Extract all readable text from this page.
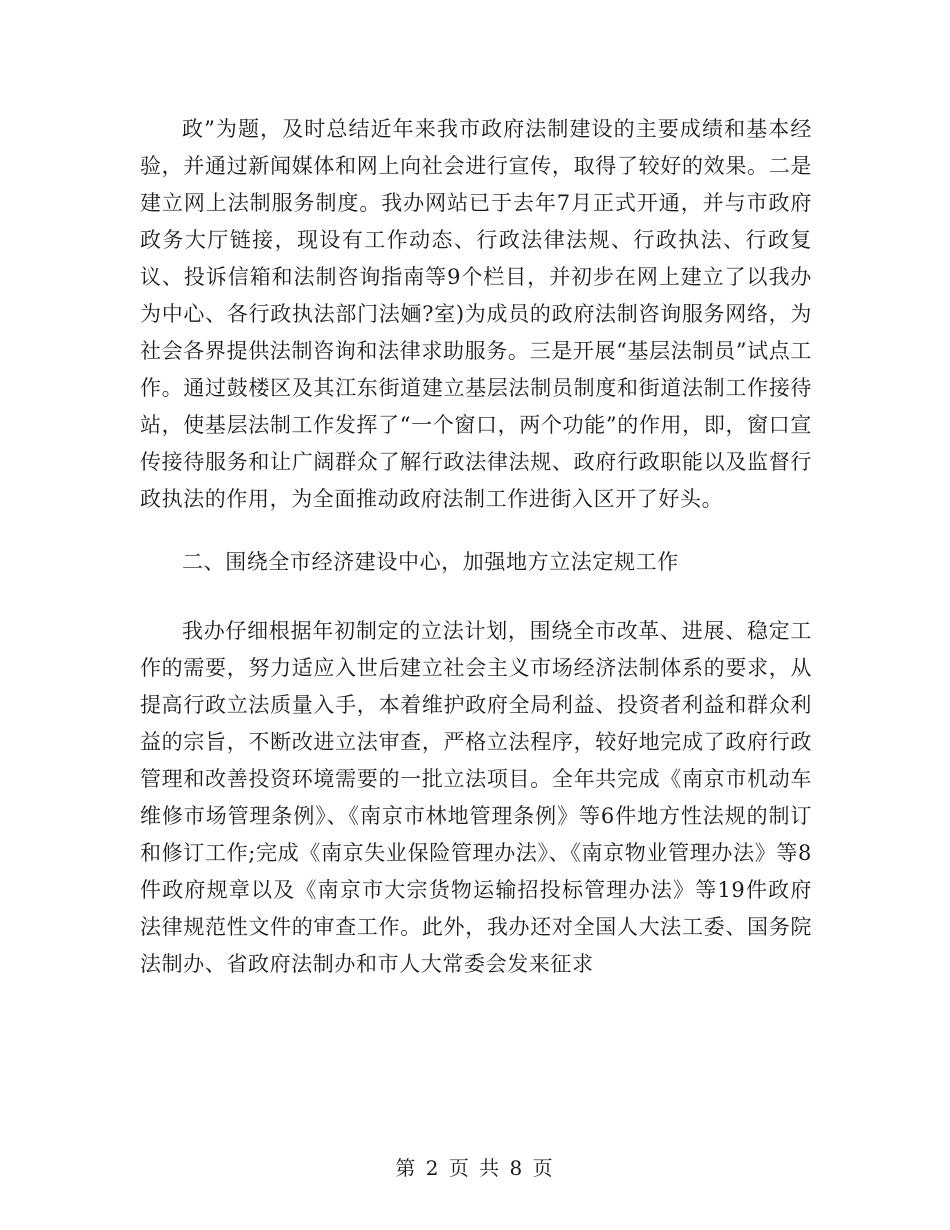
政”为题，及时总结近年来我市政府法制建设的主要成绩和基本经验，并通过新闻媒体和网上向社会进行宣传，取得了较好的效果。二是建立网上法制服务制度。我办网站已于去年7月正式开通，并与市政府政务大厅链接，现设有工作动态、行政法律法规、行政执法、行政复议、投诉信箱和法制咨询指南等9个栏目，并初步在网上建立了以我办为中心、各行政执法部门法婳?室)为成员的政府法制咨询服务网络，为社会各界提供法制咨询和法律求助服务。三是开展“基层法制员”试点工作。通过鼓楼区及其江东街道建立基层法制员制度和街道法制工作接待站，使基层法制工作发挥了“一个窗口，两个功能”的作用，即，窗口宣传接待服务和让广阔群众了解行政法律法规、政府行政职能以及监督行政执法的作用，为全面推动政府法制工作进街入区开了好头。

二、围绕全市经济建设中心，加强地方立法定规工作

我办仔细根据年初制定的立法计划，围绕全市改革、进展、稳定工作的需要，努力适应入世后建立社会主义市场经济法制体系的要求，从提高行政立法质量入手，本着维护政府全局利益、投资者利益和群众利益的宗旨，不断改进立法审查，严格立法程序，较好地完成了政府行政管理和改善投资环境需要的一批立法项目。全年共完成《南京市机动车维修市场管理条例》、《南京市林地管理条例》等6件地方性法规的制订和修订工作;完成《南京失业保险管理办法》、《南京物业管理办法》等8件政府规章以及《南京市大宗货物运输招投标管理办法》等19件政府法律规范性文件的审查工作。此外，我办还对全国人大法工委、国务院法制办、省政府法制办和市人大常委会发来征求

第 2 页 共 8 页
